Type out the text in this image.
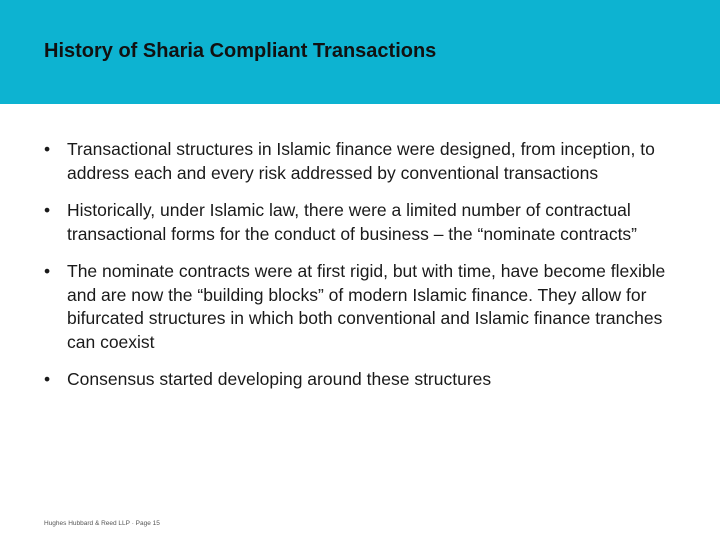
History of Sharia Compliant Transactions
• Transactional structures in Islamic finance were designed, from inception, to address each and every risk addressed by conventional transactions
• Historically, under Islamic law, there were a limited number of contractual transactional forms for the conduct of business – the “nominate contracts”
• The nominate contracts were at first rigid, but with time, have become flexible and are now the “building blocks” of modern Islamic finance. They allow for bifurcated structures in which both conventional and Islamic finance tranches can coexist
• Consensus started developing around these structures
Hughes Hubbard & Reed LLP · Page 15
